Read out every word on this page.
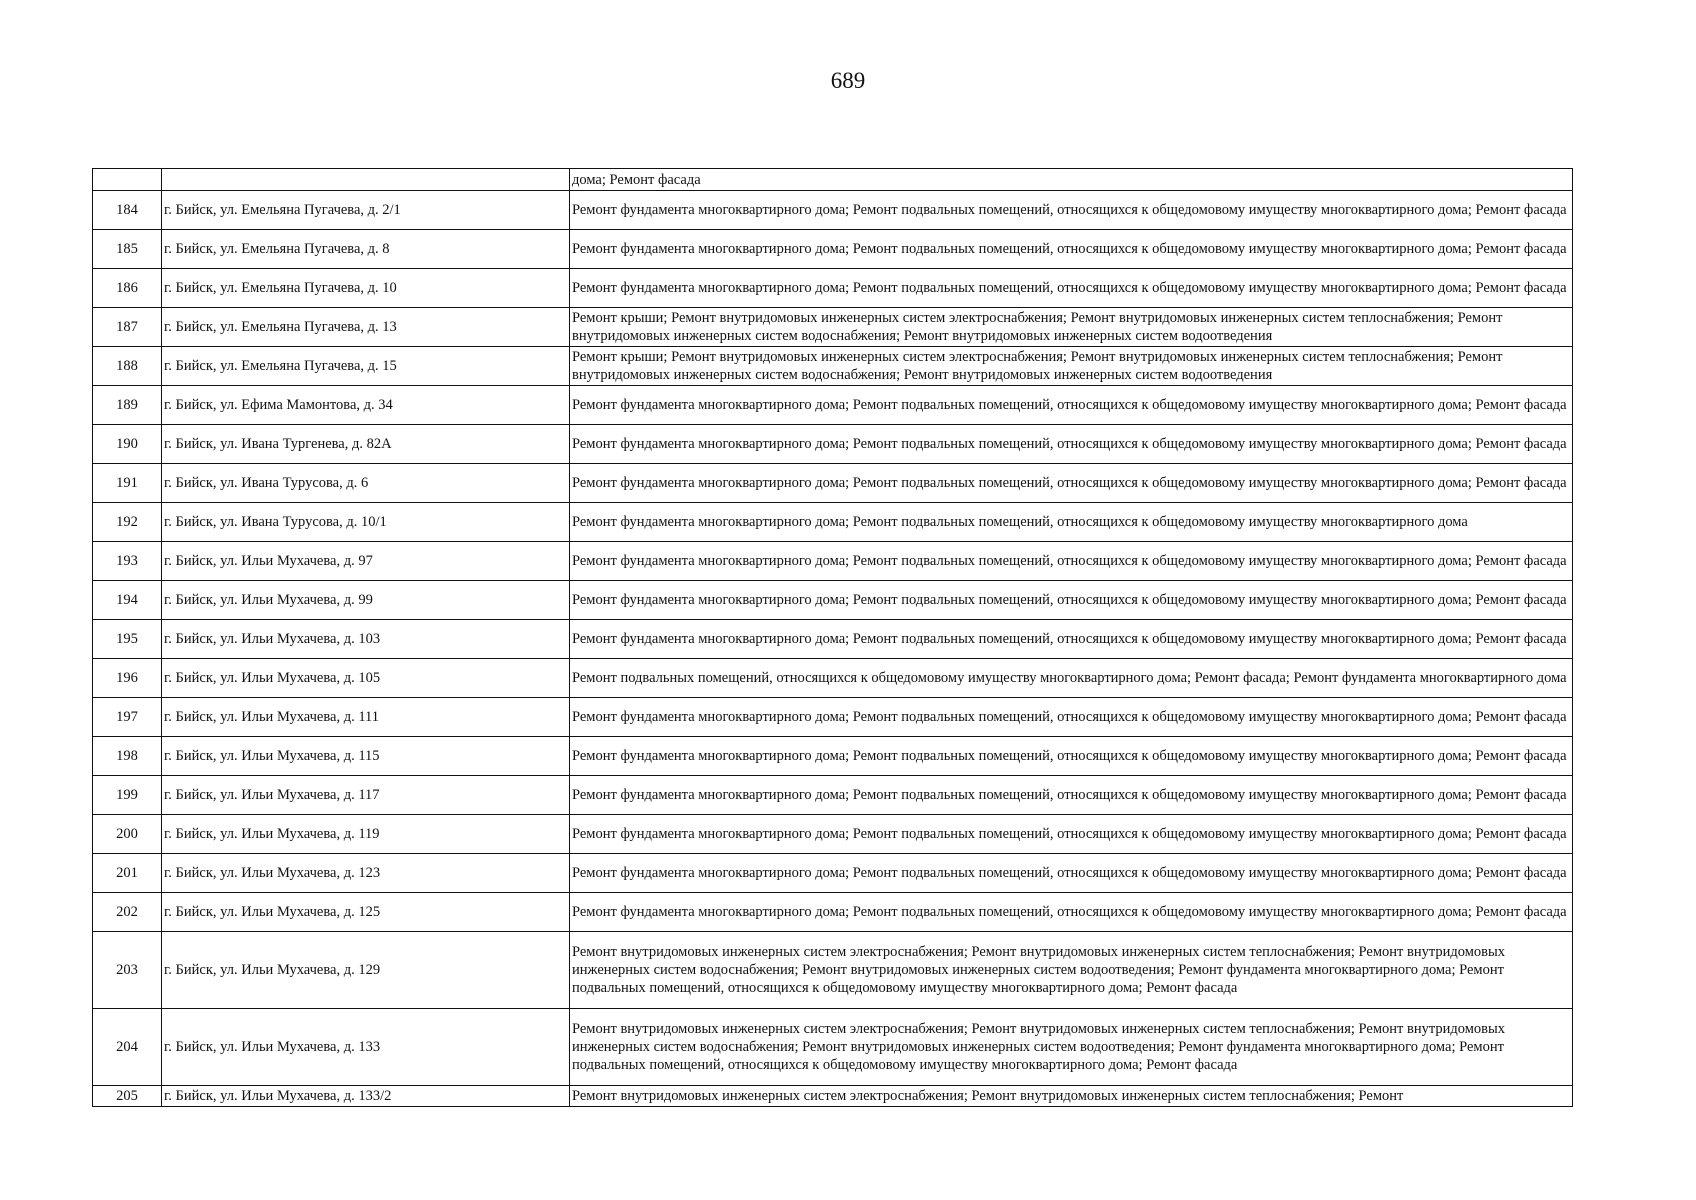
689
		дома; Ремонт фасада
184	г. Бийск, ул. Емельяна Пугачева, д. 2/1	Ремонт фундамента многоквартирного дома; Ремонт подвальных помещений, относящихся к общедомовому имуществу многоквартирного дома; Ремонт фасада
185	г. Бийск, ул. Емельяна Пугачева, д. 8	Ремонт фундамента многоквартирного дома; Ремонт подвальных помещений, относящихся к общедомовому имуществу многоквартирного дома; Ремонт фасада
186	г. Бийск, ул. Емельяна Пугачева, д. 10	Ремонт фундамента многоквартирного дома; Ремонт подвальных помещений, относящихся к общедомовому имуществу многоквартирного дома; Ремонт фасада
187	г. Бийск, ул. Емельяна Пугачева, д. 13	Ремонт крыши; Ремонт внутридомовых инженерных систем электроснабжения; Ремонт внутридомовых инженерных систем теплоснабжения; Ремонт внутридомовых инженерных систем водоснабжения; Ремонт внутридомовых инженерных систем водоотведения
188	г. Бийск, ул. Емельяна Пугачева, д. 15	Ремонт крыши; Ремонт внутридомовых инженерных систем электроснабжения; Ремонт внутридомовых инженерных систем теплоснабжения; Ремонт внутридомовых инженерных систем водоснабжения; Ремонт внутридомовых инженерных систем водоотведения
189	г. Бийск, ул. Ефима Мамонтова, д. 34	Ремонт фундамента многоквартирного дома; Ремонт подвальных помещений, относящихся к общедомовому имуществу многоквартирного дома; Ремонт фасада
190	г. Бийск, ул. Ивана Тургенева, д. 82А	Ремонт фундамента многоквартирного дома; Ремонт подвальных помещений, относящихся к общедомовому имуществу многоквартирного дома; Ремонт фасада
191	г. Бийск, ул. Ивана Турусова, д. 6	Ремонт фундамента многоквартирного дома; Ремонт подвальных помещений, относящихся к общедомовому имуществу многоквартирного дома; Ремонт фасада
192	г. Бийск, ул. Ивана Турусова, д. 10/1	Ремонт фундамента многоквартирного дома; Ремонт подвальных помещений, относящихся к общедомовому имуществу многоквартирного дома
193	г. Бийск, ул. Ильи Мухачева, д. 97	Ремонт фундамента многоквартирного дома; Ремонт подвальных помещений, относящихся к общедомовому имуществу многоквартирного дома; Ремонт фасада
194	г. Бийск, ул. Ильи Мухачева, д. 99	Ремонт фундамента многоквартирного дома; Ремонт подвальных помещений, относящихся к общедомовому имуществу многоквартирного дома; Ремонт фасада
195	г. Бийск, ул. Ильи Мухачева, д. 103	Ремонт фундамента многоквартирного дома; Ремонт подвальных помещений, относящихся к общедомовому имуществу многоквартирного дома; Ремонт фасада
196	г. Бийск, ул. Ильи Мухачева, д. 105	Ремонт подвальных помещений, относящихся к общедомовому имуществу многоквартирного дома; Ремонт фасада; Ремонт фундамента многоквартирного дома
197	г. Бийск, ул. Ильи Мухачева, д. 111	Ремонт фундамента многоквартирного дома; Ремонт подвальных помещений, относящихся к общедомовому имуществу многоквартирного дома; Ремонт фасада
198	г. Бийск, ул. Ильи Мухачева, д. 115	Ремонт фундамента многоквартирного дома; Ремонт подвальных помещений, относящихся к общедомовому имуществу многоквартирного дома; Ремонт фасада
199	г. Бийск, ул. Ильи Мухачева, д. 117	Ремонт фундамента многоквартирного дома; Ремонт подвальных помещений, относящихся к общедомовому имуществу многоквартирного дома; Ремонт фасада
200	г. Бийск, ул. Ильи Мухачева, д. 119	Ремонт фундамента многоквартирного дома; Ремонт подвальных помещений, относящихся к общедомовому имуществу многоквартирного дома; Ремонт фасада
201	г. Бийск, ул. Ильи Мухачева, д. 123	Ремонт фундамента многоквартирного дома; Ремонт подвальных помещений, относящихся к общедомовому имуществу многоквартирного дома; Ремонт фасада
202	г. Бийск, ул. Ильи Мухачева, д. 125	Ремонт фундамента многоквартирного дома; Ремонт подвальных помещений, относящихся к общедомовому имуществу многоквартирного дома; Ремонт фасада
203	г. Бийск, ул. Ильи Мухачева, д. 129	Ремонт внутридомовых инженерных систем электроснабжения; Ремонт внутридомовых инженерных систем теплоснабжения; Ремонт внутридомовых инженерных систем водоснабжения; Ремонт внутридомовых инженерных систем водоотведения; Ремонт фундамента многоквартирного дома; Ремонт подвальных помещений, относящихся к общедомовому имуществу многоквартирного дома; Ремонт фасада
204	г. Бийск, ул. Ильи Мухачева, д. 133	Ремонт внутридомовых инженерных систем электроснабжения; Ремонт внутридомовых инженерных систем теплоснабжения; Ремонт внутридомовых инженерных систем водоснабжения; Ремонт внутридомовых инженерных систем водоотведения; Ремонт фундамента многоквартирного дома; Ремонт подвальных помещений, относящихся к общедомовому имуществу многоквартирного дома; Ремонт фасада
205	г. Бийск, ул. Ильи Мухачева, д. 133/2	Ремонт внутридомовых инженерных систем электроснабжения; Ремонт внутридомовых инженерных систем теплоснабжения; Ремонт
